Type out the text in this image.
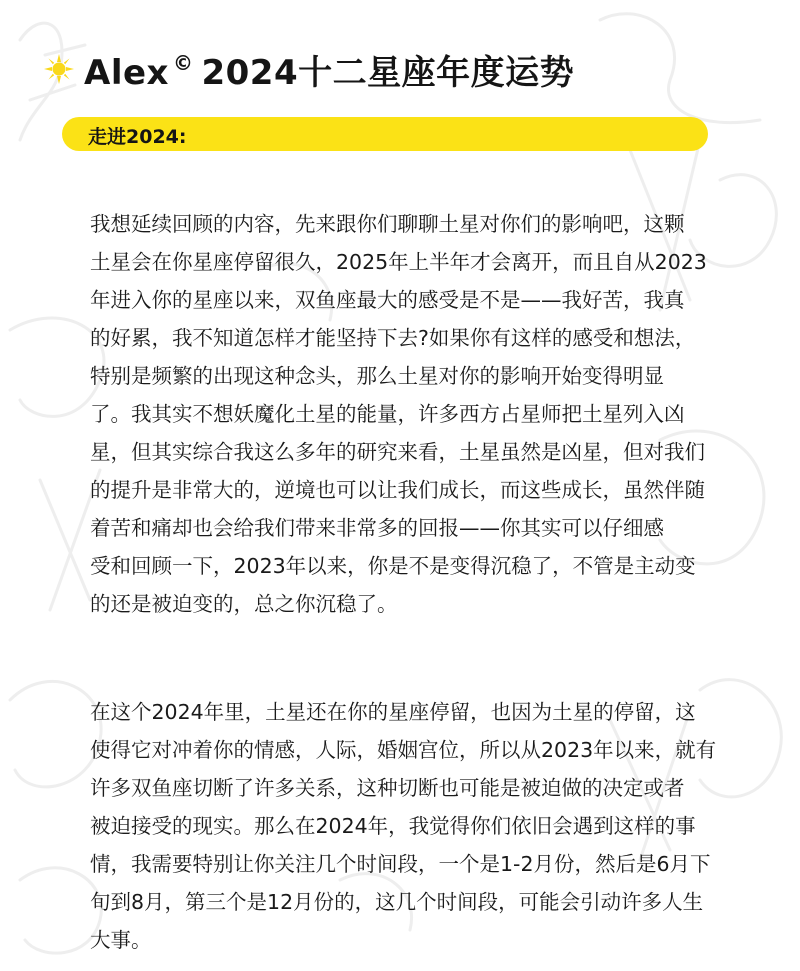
Alex © 2024十二星座年度运势
走进2024:
我想延续回顾的内容，先来跟你们聊聊土星对你们的影响吧，这颗
土星会在你星座停留很久，2025年上半年才会离开，而且自从2023
年进入你的星座以来，双鱼座最大的感受是不是——我好苦，我真
的好累，我不知道怎样才能坚持下去?如果你有这样的感受和想法，
特别是频繁的出现这种念头，那么土星对你的影响开始变得明显
了。我其实不想妖魔化土星的能量，许多西方占星师把土星列入凶
星，但其实综合我这么多年的研究来看，土星虽然是凶星，但对我们
的提升是非常大的，逆境也可以让我们成长，而这些成长，虽然伴随
着苦和痛却也会给我们带来非常多的回报——你其实可以仔细感
受和回顾一下，2023年以来，你是不是变得沉稳了，不管是主动变
的还是被迫变的，总之你沉稳了。
在这个2024年里，土星还在你的星座停留，也因为土星的停留，这
使得它对冲着你的情感，人际，婚姻宫位，所以从2023年以来，就有
许多双鱼座切断了许多关系，这种切断也可能是被迫做的决定或者
被迫接受的现实。那么在2024年，我觉得你们依旧会遇到这样的事
情，我需要特别让你关注几个时间段，一个是1-2月份，然后是6月下
旬到8月，第三个是12月份的，这几个时间段，可能会引动许多人生
大事。
